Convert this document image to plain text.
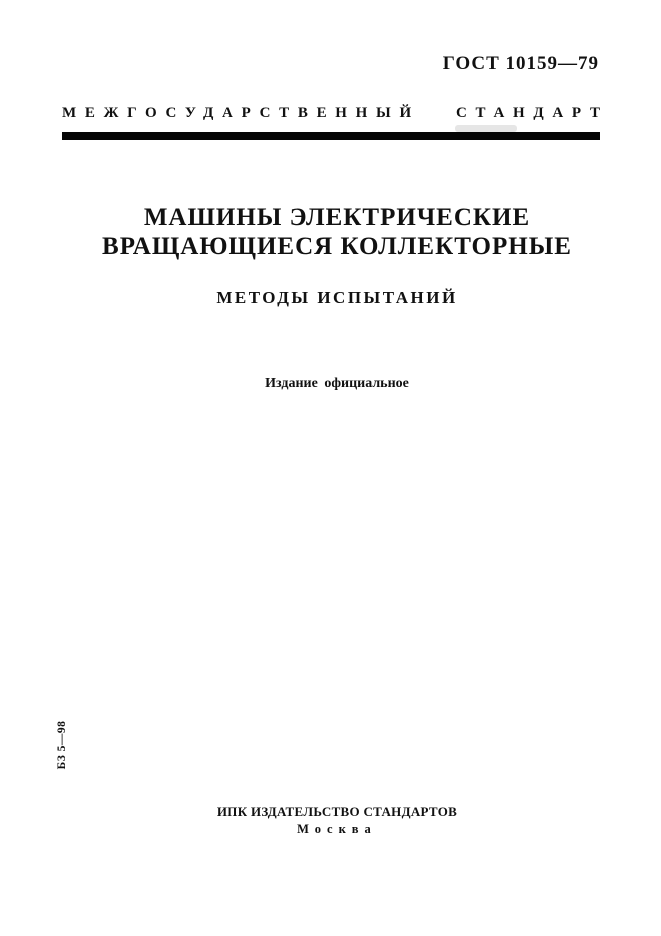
ГОСТ 10159—79
МЕЖГОСУДАРСТВЕННЫЙ СТАНДАРТ
МАШИНЫ ЭЛЕКТРИЧЕСКИЕ
ВРАЩАЮЩИЕСЯ КОЛЛЕКТОРНЫЕ
МЕТОДЫ ИСПЫТАНИЙ
Издание официальное
БЗ 5—98
ИПК ИЗДАТЕЛЬСТВО СТАНДАРТОВ
Москва
